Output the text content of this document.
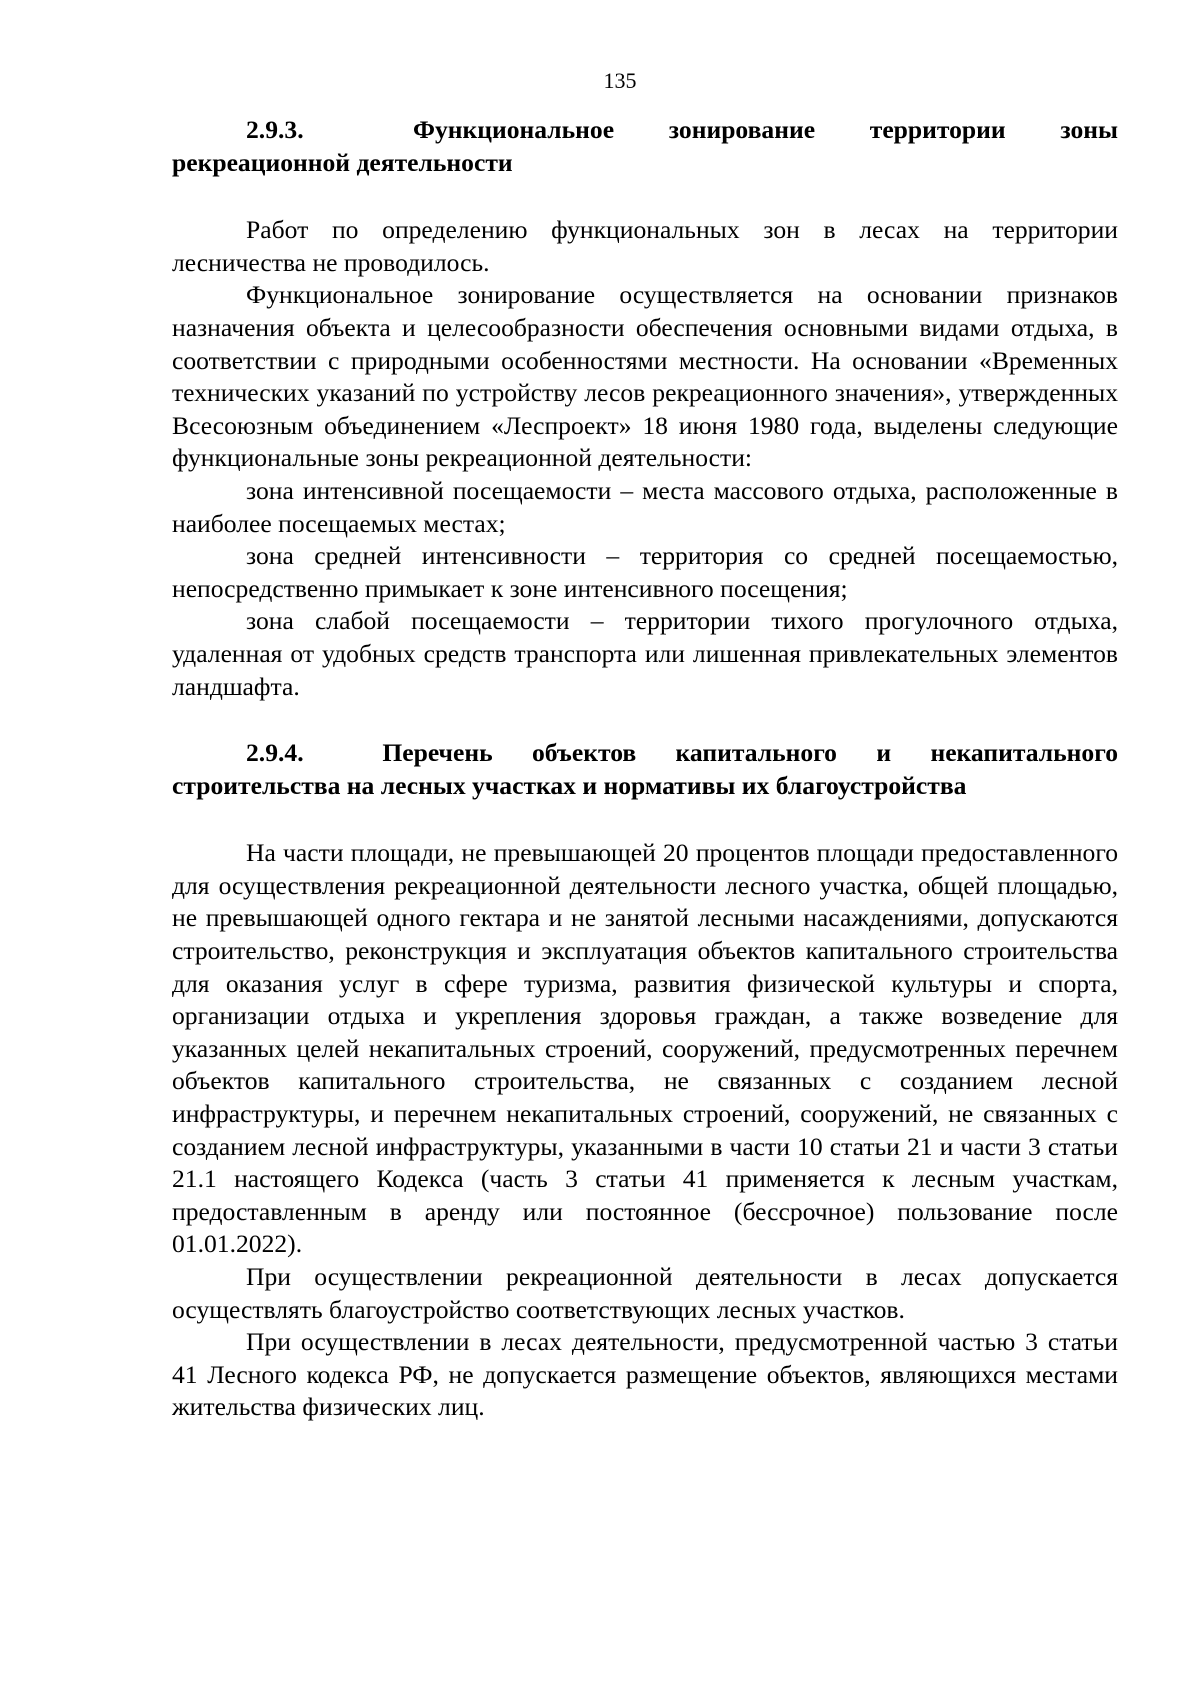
135
2.9.3.  Функциональное зонирование территории зоны
рекреационной деятельности

Работ по определению функциональных зон в лесах на территории лесничества не проводилось.

Функциональное зонирование осуществляется на основании признаков назначения объекта и целесообразности обеспечения основными видами отдыха, в соответствии с природными особенностями местности. На основании «Временных технических указаний по устройству лесов рекреационного значения», утвержденных Всесоюзным объединением «Леспроект» 18 июня 1980 года, выделены следующие функциональные зоны рекреационной деятельности:

зона интенсивной посещаемости – места массового отдыха, расположенные в наиболее посещаемых местах;

зона средней интенсивности – территория со средней посещаемостью, непосредственно примыкает к зоне интенсивного посещения;

зона слабой посещаемости – территории тихого прогулочного отдыха, удаленная от удобных средств транспорта или лишенная привлекательных элементов ландшафта.

2.9.4.  Перечень объектов капитального и некапитального
строительства на лесных участках и нормативы их благоустройства

На части площади, не превышающей 20 процентов площади предоставленного для осуществления рекреационной деятельности лесного участка, общей площадью, не превышающей одного гектара и не занятой лесными насаждениями, допускаются строительство, реконструкция и эксплуатация объектов капитального строительства для оказания услуг в сфере туризма, развития физической культуры и спорта, организации отдыха и укрепления здоровья граждан, а также возведение для указанных целей некапитальных строений, сооружений, предусмотренных перечнем объектов капитального строительства, не связанных с созданием лесной инфраструктуры, и перечнем некапитальных строений, сооружений, не связанных с созданием лесной инфраструктуры, указанными в части 10 статьи 21 и части 3 статьи 21.1 настоящего Кодекса (часть 3 статьи 41 применяется к лесным участкам, предоставленным в аренду или постоянное (бессрочное) пользование после 01.01.2022).

При осуществлении рекреационной деятельности в лесах допускается осуществлять благоустройство соответствующих лесных участков.

При осуществлении в лесах деятельности, предусмотренной частью 3 статьи 41 Лесного кодекса РФ, не допускается размещение объектов, являющихся местами жительства физических лиц.
